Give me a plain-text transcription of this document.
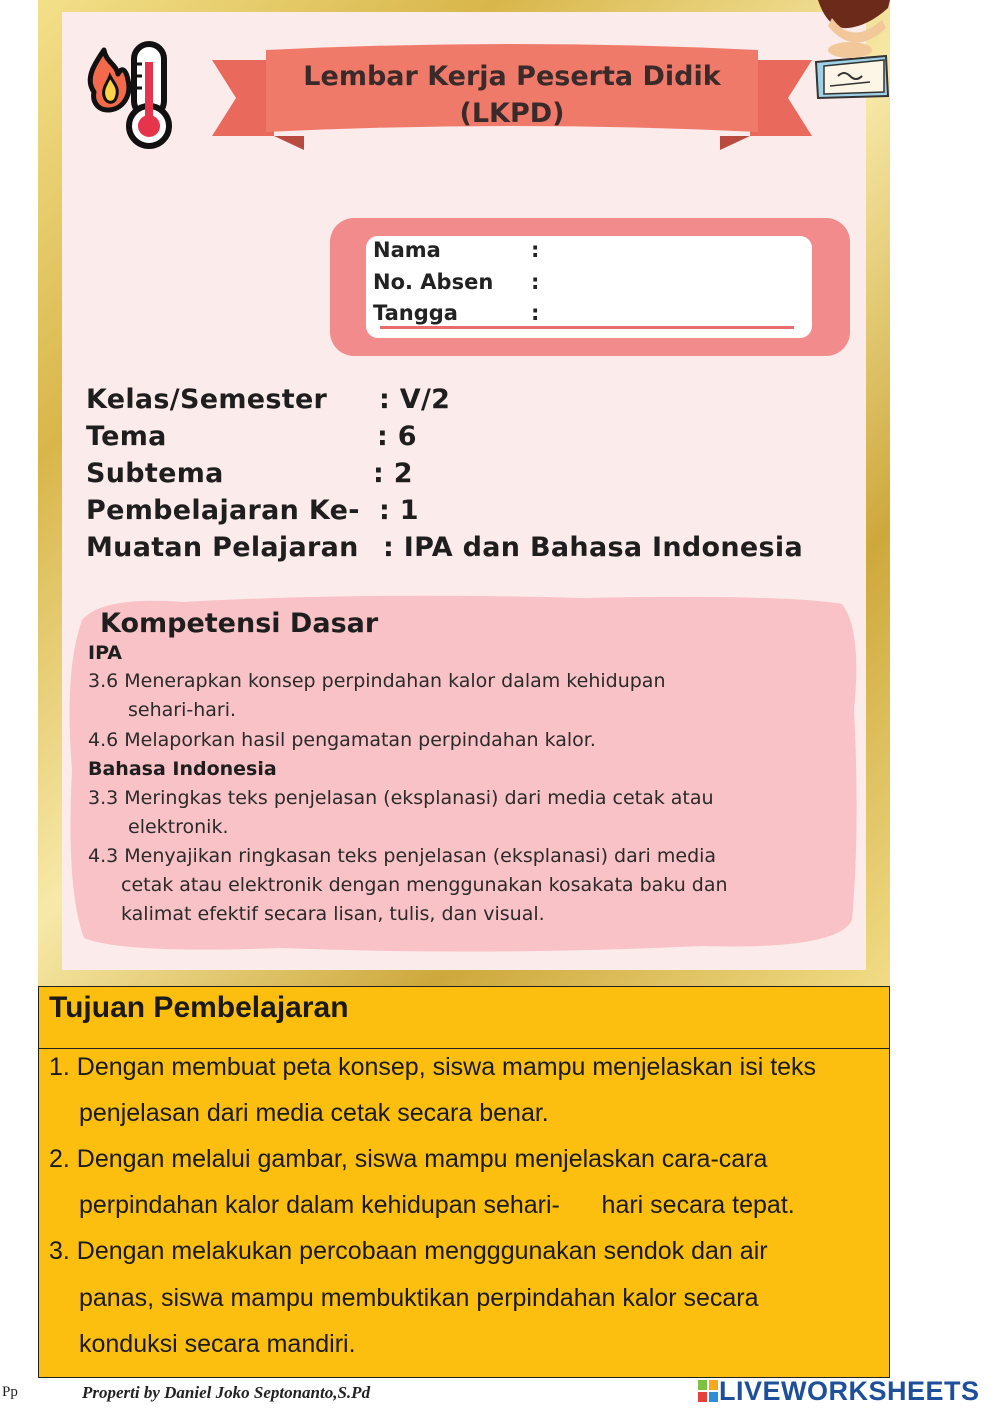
Lembar Kerja Peserta Didik
(LKPD)
Nama	:
No. Absen :
Tangga	:
Kelas/Semester : V/2
Tema	: 6
Subtema	: 2
Pembelajaran Ke- : 1
Muatan Pelajaran : IPA dan Bahasa Indonesia
Kompetensi Dasar
IPA
3.6 Menerapkan konsep perpindahan kalor dalam kehidupan
sehari-hari.
4.6 Melaporkan hasil pengamatan perpindahan kalor.
Bahasa Indonesia
3.3 Meringkas teks penjelasan (eksplanasi) dari media cetak atau
elektronik.
4.3 Menyajikan ringkasan teks penjelasan (eksplanasi) dari media
cetak atau elektronik dengan menggunakan kosakata baku dan
kalimat efektif secara lisan, tulis, dan visual.
Tujuan Pembelajaran
1. Dengan membuat peta konsep, siswa mampu menjelaskan isi teks
penjelasan dari media cetak secara benar.
2. Dengan melalui gambar, siswa mampu menjelaskan cara-cara
perpindahan kalor dalam kehidupan sehari-      hari secara tepat.
3. Dengan melakukan percobaan mengggunakan sendok dan air
panas, siswa mampu membuktikan perpindahan kalor secara
konduksi secara mandiri.
Pp	Properti by Daniel Joko Septonanto,S.Pd	LIVEWORKSHEETS
